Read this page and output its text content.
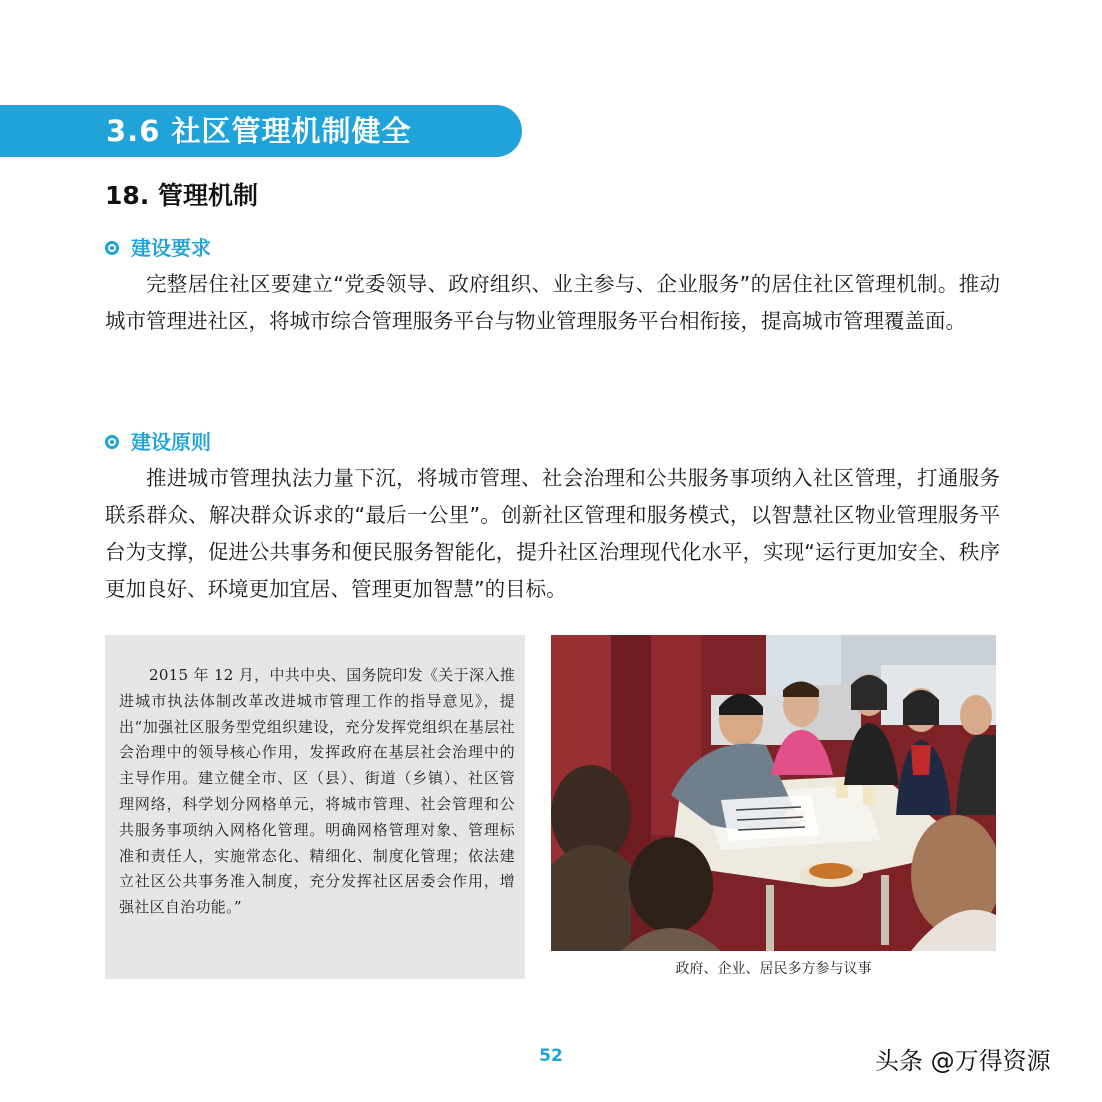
3.6 社区管理机制健全
18. 管理机制
建设要求
完整居住社区要建立“党委领导、政府组织、业主参与、企业服务”的居住社区管理机制。推动城市管理进社区，将城市综合管理服务平台与物业管理服务平台相衔接，提高城市管理覆盖面。
建设原则
推进城市管理执法力量下沉，将城市管理、社会治理和公共服务事项纳入社区管理，打通服务联系群众、解决群众诉求的“最后一公里”。创新社区管理和服务模式，以智慧社区物业管理服务平台为支撑，促进公共事务和便民服务智能化，提升社区治理现代化水平，实现“运行更加安全、秩序更加良好、环境更加宜居、管理更加智慧”的目标。
2015 年 12 月，中共中央、国务院印发《关于深入推进城市执法体制改革改进城市管理工作的指导意见》，提出“加强社区服务型党组织建设，充分发挥党组织在基层社会治理中的领导核心作用，发挥政府在基层社会治理中的主导作用。建立健全市、区（县）、街道（乡镇）、社区管理网络，科学划分网格单元，将城市管理、社会管理和公共服务事项纳入网格化管理。明确网格管理对象、管理标准和责任人，实施常态化、精细化、制度化管理；依法建立社区公共事务准入制度，充分发挥社区居委会作用，增强社区自治功能。”
政府、企业、居民多方参与议事
52	头条 @万得资源
